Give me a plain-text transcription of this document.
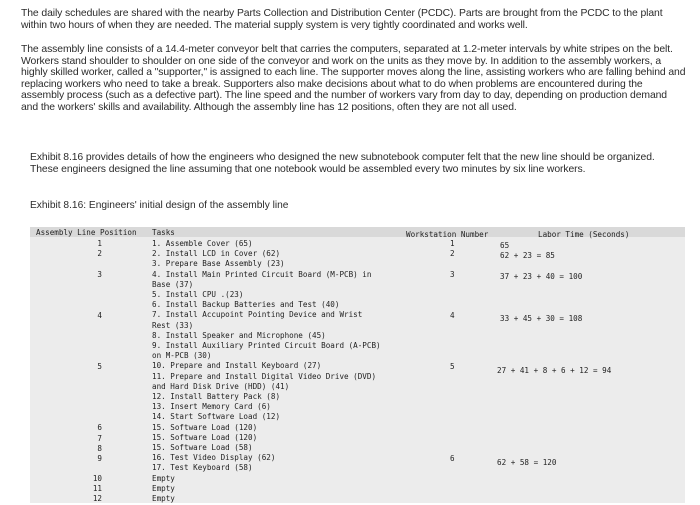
The daily schedules are shared with the nearby Parts Collection and Distribution Center (PCDC). Parts are brought from the PCDC to the plant within two hours of when they are needed. The material supply system is very tightly coordinated and works well.
The assembly line consists of a 14.4-meter conveyor belt that carries the computers, separated at 1.2-meter intervals by white stripes on the belt. Workers stand shoulder to shoulder on one side of the conveyor and work on the units as they move by. In addition to the assembly workers, a highly skilled worker, called a "supporter," is assigned to each line. The supporter moves along the line, assisting workers who are falling behind and replacing workers who need to take a break. Supporters also make decisions about what to do when problems are encountered during the assembly process (such as a defective part). The line speed and the number of workers vary from day to day, depending on production demand and the workers' skills and availability. Although the assembly line has 12 positions, often they are not all used.
Exhibit 8.16 provides details of how the engineers who designed the new subnotebook computer felt that the new line should be organized. These engineers designed the line assuming that one notebook would be assembled every two minutes by six line workers.
Exhibit 8.16: Engineers' initial design of the assembly line
Assembly Line Position Tasks	Workstation Number	Labor Time (Seconds)
1
2
3
4
5
6
7
8
9
10
11
12
1. Assemble Cover (65)
2. Install LCD in Cover (62)
3. Prepare Base Assembly (23)
4. Install Main Printed Circuit Board (M-PCB) in
Base (37)
5. Install CPU .(23)
6. Install Backup Batteries and Test (40)
7. Install Accupoint Pointing Device and Wrist
Rest (33)
8. Install Speaker and Microphone (45)
9. Install Auxiliary Printed Circuit Board (A-PCB)
on M-PCB (30)
10. Prepare and Install Keyboard (27)
11. Prepare and Install Digital Video Drive (DVD)
and Hard Disk Drive (HDD) (41)
12. Install Battery Pack (8)
13. Insert Memory Card (6)
14. Start Software Load (12)
15. Software Load (120)
15. Software Load (120)
15. Software Load (58)
16. Test Video Display (62)
17. Test Keyboard (58)
Empty
Empty
Empty
1
2
3
4
5
6
65
62 + 23 = 85
37 + 23 + 40 = 100
33 + 45 + 30 = 108
27 + 41 + 8 + 6 + 12 = 94
62 + 58 = 120
